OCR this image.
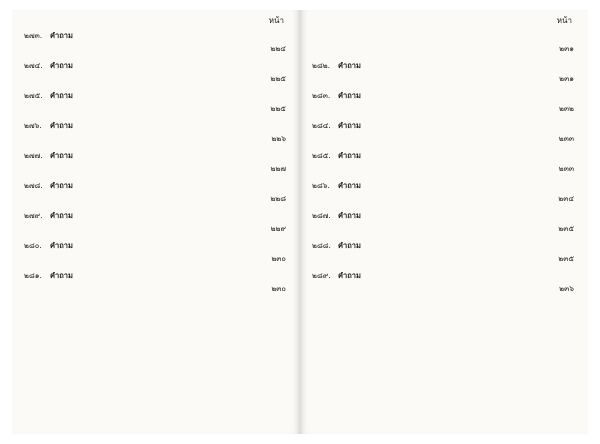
หน้า
๒๗๓.	คำถาม
๒๒๔
๒๗๔. คำถาม
๒๒๕
๒๗๕. คำถาม
๒๒๕
๒๗๖.	คำถาม
๒๒๖
๒๗๗. คำถาม
๒๒๗
๒๗๘. คำถาม
๒๒๘
๒๗๙.	คำถาม
๒๒๙
๒๘๐.	คำถาม
๒๓๐
๒๘๑.	คำถาม
๒๓๐
หน้า
๒๓๑
๒๘๒.	คำถาม
๒๓๑
๒๘๓.	คำถาม
๒๓๒
๒๘๔. คำถาม
๒๓๓
๒๘๕. คำถาม
๒๓๓
๒๘๖.	คำถาม
๒๓๔
๒๘๗. คำถาม
๒๓๕
๒๘๘. คำถาม
๒๓๕
๒๘๙. คำถาม
๒๓๖
